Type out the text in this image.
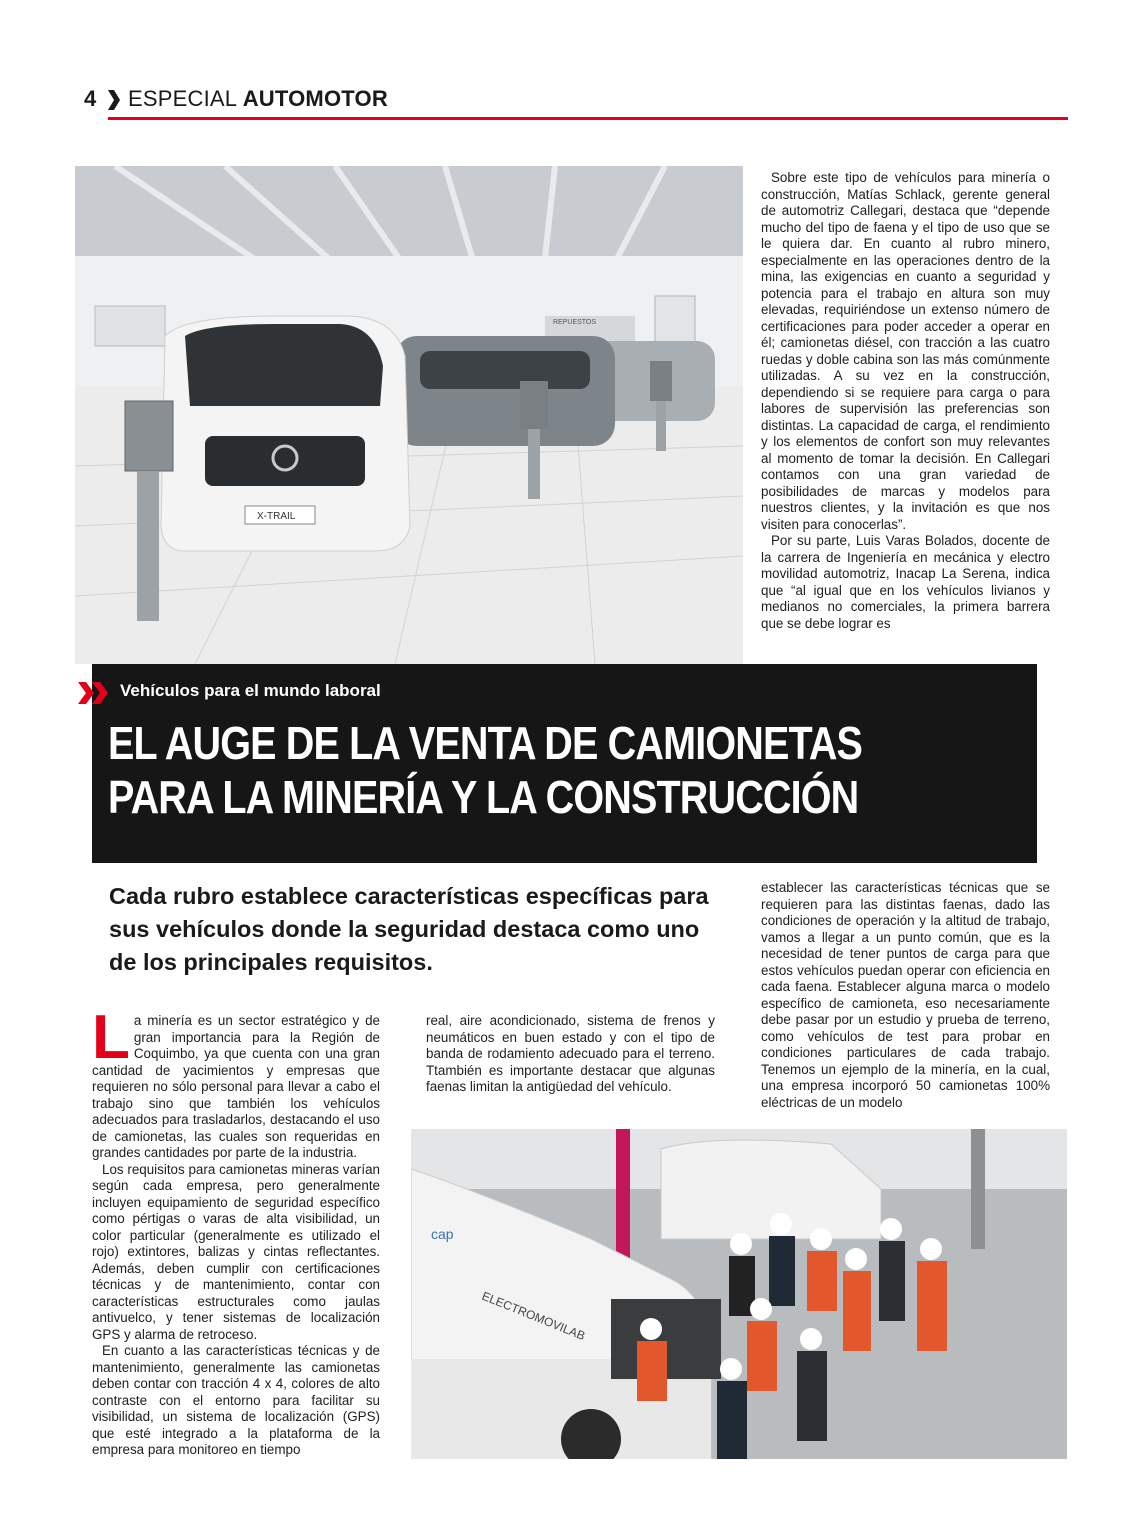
4 ESPECIAL AUTOMOTOR
REPUESTOS
X-TRAIL

Sobre este tipo de vehículos para minería o construcción, Matías Schlack, gerente general de automotriz Callegari, destaca que “depende mucho del tipo de faena y el tipo de uso que se le quiera dar. En cuanto al rubro minero, especialmente en las operaciones dentro de la mina, las exigencias en cuanto a seguridad y potencia para el trabajo en altura son muy elevadas, requiriéndose un extenso número de certificaciones para poder acceder a operar en él; camionetas diésel, con tracción a las cuatro ruedas y doble cabina son las más comúnmente utilizadas. A su vez en la construcción, dependiendo si se requiere para carga o para labores de supervisión las preferencias son distintas. La capacidad de carga, el rendimiento y los elementos de confort son muy relevantes al momento de tomar la decisión. En Callegari contamos con una gran variedad de posibilidades de marcas y modelos para nuestros clientes, y la invitación es que nos visiten para conocerlas”.

Por su parte, Luis Varas Bolados, docente de la carrera de Ingeniería en mecánica y electro movilidad automotriz, Inacap La Serena, indica que “al igual que en los vehículos livianos y medianos no comerciales, la primera barrera que se debe lograr es

Vehículos para el mundo laboral
EL AUGE DE LA VENTA DE CAMIONETAS
PARA LA MINERÍA Y LA CONSTRUCCIÓN
Cada rubro establece características específicas para sus vehículos donde la seguridad destaca como uno de los principales requisitos.

establecer las características técnicas que se requieren para las distintas faenas, dado las condiciones de operación y la altitud de trabajo, vamos a llegar a un punto común, que es la necesidad de tener puntos de carga para que estos vehículos puedan operar con eficiencia en cada faena. Establecer alguna marca o modelo específico de camioneta, eso necesariamente debe pasar por un estudio y prueba de terreno, como vehículos de test para probar en condiciones particulares de cada trabajo. Tenemos un ejemplo de la minería, en la cual, una empresa incorporó 50 camionetas 100% eléctricas de un modelo

La minería es un sector estratégico y de gran importancia para la Región de Coquimbo, ya que cuenta con una gran cantidad de yacimientos y empresas que requieren no sólo personal para llevar a cabo el trabajo sino que también los vehículos adecuados para trasladarlos, destacando el uso de camionetas, las cuales son requeridas en grandes cantidades por parte de la industria.

Los requisitos para camionetas mineras varían según cada empresa, pero generalmente incluyen equipamiento de seguridad específico como pértigas o varas de alta visibilidad, un color particular (generalmente es utilizado el rojo) extintores, balizas y cintas reflectantes. Además, deben cumplir con certificaciones técnicas y de mantenimiento, contar con características estructurales como jaulas antivuelco, y tener sistemas de localización GPS y alarma de retroceso.

En cuanto a las características técnicas y de mantenimiento, generalmente las camionetas deben contar con tracción 4 x 4, colores de alto contraste con el entorno para facilitar su visibilidad, un sistema de localización (GPS) que esté integrado a la plataforma de la empresa para monitoreo en tiempo

real, aire acondicionado, sistema de frenos y neumáticos en buen estado y con el tipo de banda de rodamiento adecuado para el terreno. Ttambién es importante destacar que algunas faenas limitan la antigüedad del vehículo.

ELECTROMOVILAB
cap
